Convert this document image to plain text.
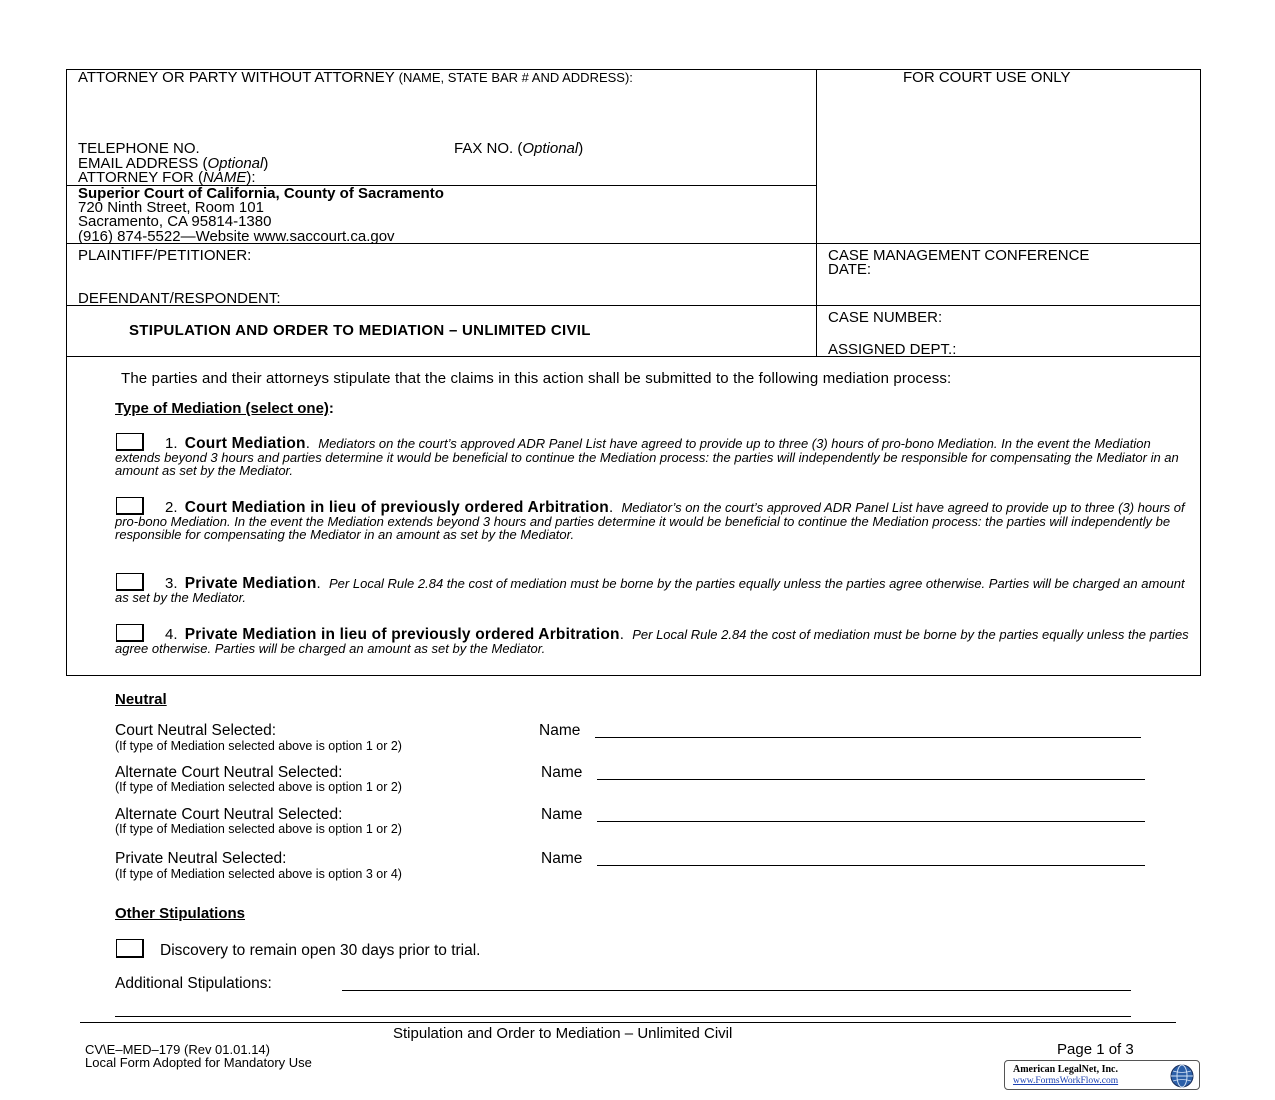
ATTORNEY OR PARTY WITHOUT ATTORNEY (NAME, STATE BAR # AND ADDRESS):	FOR COURT USE ONLY
TELEPHONE NO.	FAX NO. (Optional)
EMAIL ADDRESS (Optional)
ATTORNEY FOR (NAME):
Superior Court of California, County of Sacramento
720 Ninth Street, Room 101
Sacramento, CA 95814-1380
(916) 874-5522—Website www.saccourt.ca.gov
PLAINTIFF/PETITIONER:
DEFENDANT/RESPONDENT:
CASE MANAGEMENT CONFERENCE
DATE:
STIPULATION AND ORDER TO MEDIATION – UNLIMITED CIVIL
CASE NUMBER:
ASSIGNED DEPT.:
The parties and their attorneys stipulate that the claims in this action shall be submitted to the following mediation process:
Type of Mediation (select one):
1. Court Mediation.  Mediators on the court’s approved ADR Panel List have agreed to provide up to three (3) hours of pro-bono Mediation. In the event the Mediation extends beyond 3 hours and parties determine it would be beneficial to continue the Mediation process: the parties will independently be responsible for compensating the Mediator in an amount as set by the Mediator.
2. Court Mediation in lieu of previously ordered Arbitration.  Mediator’s on the court’s approved ADR Panel List have agreed to provide up to three (3) hours of pro-bono Mediation. In the event the Mediation extends beyond 3 hours and parties determine it would be beneficial to continue the Mediation process: the parties will independently be responsible for compensating the Mediator in an amount as set by the Mediator.
3. Private Mediation.  Per Local Rule 2.84 the cost of mediation must be borne by the parties equally unless the parties agree otherwise. Parties will be charged an amount as set by the Mediator.
4. Private Mediation in lieu of previously ordered Arbitration.  Per Local Rule 2.84 the cost of mediation must be borne by the parties equally unless the parties agree otherwise. Parties will be charged an amount as set by the Mediator.
Neutral
Court Neutral Selected:
(If type of Mediation selected above is option 1 or 2)
Name
Alternate Court Neutral Selected:
(If type of Mediation selected above is option 1 or 2)
Name
Alternate Court Neutral Selected:
(If type of Mediation selected above is option 1 or 2)
Name
Private Neutral Selected:
(If type of Mediation selected above is option 3 or 4)
Name
Other Stipulations
Discovery to remain open 30 days prior to trial.
Additional Stipulations:
Stipulation and Order to Mediation – Unlimited Civil
CV\E–MED–179 (Rev 01.01.14)
Local Form Adopted for Mandatory Use
Page 1 of 3
American LegalNet, Inc.
www.FormsWorkFlow.com
